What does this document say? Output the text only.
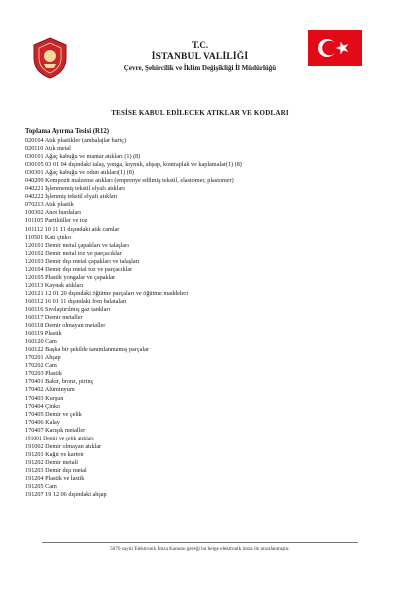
T.C.
İSTANBUL VALİLİĞİ
Çevre, Şehircilik ve İklim Değişikliği İl Müdürlüğü
TESİSE KABUL EDİLECEK ATIKLAR VE KODLARI
Toplama Ayırma Tesisi (R12)
020104 Atık plastikler (ambalajlar hariç)
020110 Atık metal
030101 Ağaç kabuğu ve mantar atıkları (1) (8)
030105 03 01 04 dışındaki talaş, yonga, kıymık, ahşap, kontraplak ve kaplamalar(1) (8)
030301 Ağaç kabuğu ve odun atıkları(1) (8)
040209 Kompozit malzeme atıkları (emprenye edilmiş tekstil, elastomer, plastomer)
040221 İşlenmemiş tekstil elyafı atıkları
040222 İşlenmiş tekstil elyafı atıkları
070213 Atık plastik
100302 Anot hurdaları
101105 Partiküller ve toz
101112 10 11 11 dışındaki atık camlar
110501 Katı çinko
120101 Demir metal çapakları ve talaşları
120102 Demir metal toz ve parçacıklar
120103 Demir dışı metal çapakları ve talaşları
120104 Demir dışı metal toz ve parçacıklar
120105 Plastik yongalar ve çapaklar
120113 Kaynak atıkları
120121 12 01 20 dışındaki öğütme parçaları ve öğütme maddeleri
160112 16 01 11 dışındaki fren balataları
160116 Sıvılaştırılmış gaz tankları
160117 Demir metaller
160118 Demir olmayan metaller
160119 Plastik
160120 Cam
160122 Başka bir şekilde tanımlanmamış parçalar
170201 Ahşap
170202 Cam
170203 Plastik
170401 Bakır, bronz, pirinç
170402 Alüminyum
170403 Kurşun
170404 Çinko
170405 Demir ve çelik
170406 Kalay
170407 Karışık metaller
191001 Demir ve çelik atıkları
191002 Demir olmayan atıklar
191201 Kağıt ve karton
191202 Demir metali
191203 Demir dışı metal
191204 Plastik ve lastik
191205 Cam
191207 19 12 06 dışındaki ahşap
5070 sayılı Elektronik İmza Kanunu gereği bu belge elektronik imza ile imzalanmıştır.
